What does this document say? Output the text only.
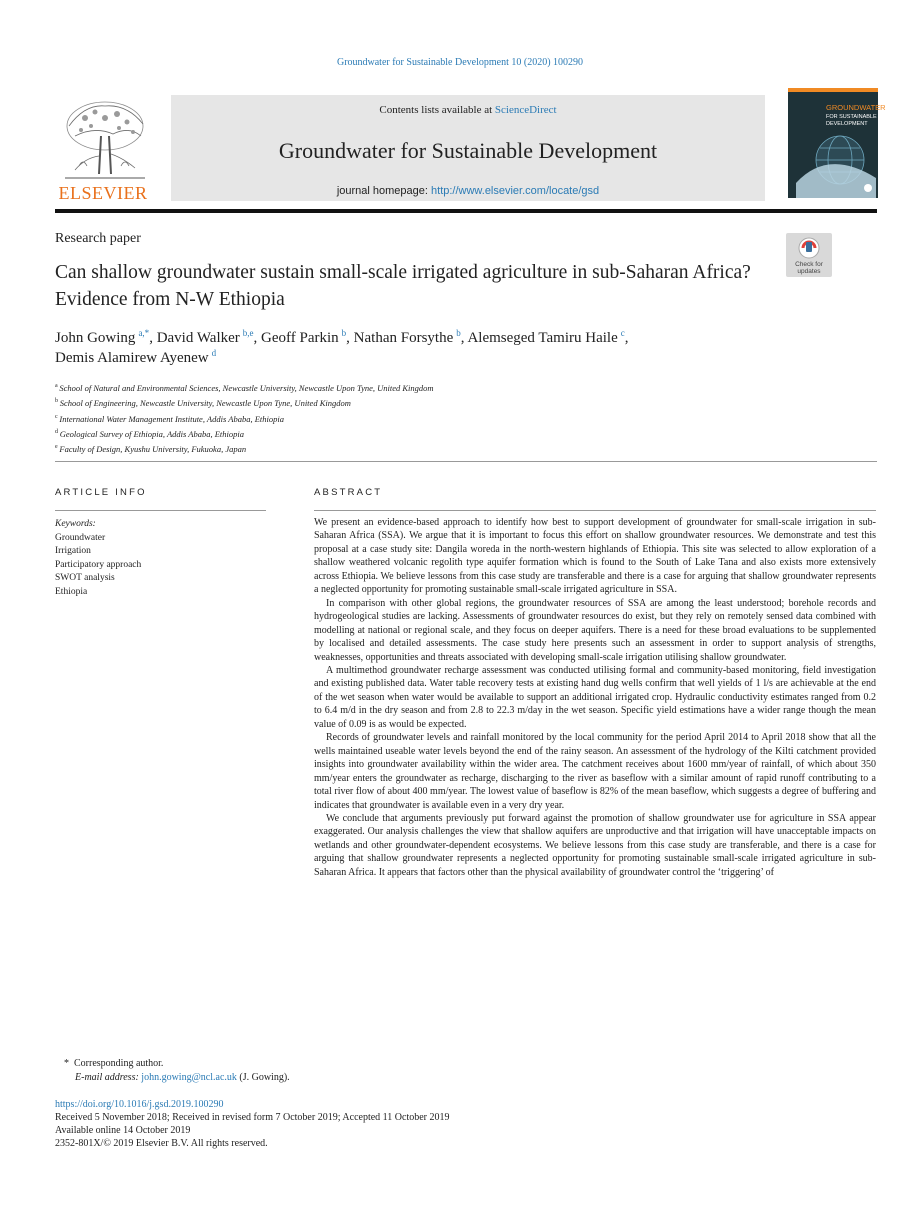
Groundwater for Sustainable Development 10 (2020) 100290
ELSEVIER
Contents lists available at ScienceDirect
Groundwater for Sustainable Development
journal homepage: http://www.elsevier.com/locate/gsd
GROUNDWATER
FOR SUSTAINABLE
DEVELOPMENT
Research paper
Check for
updates
Can shallow groundwater sustain small-scale irrigated agriculture in sub-Saharan Africa? Evidence from N-W Ethiopia
John Gowing  $^{a,*}$, David Walker  $^{b,e}$, Geoff Parkin  $^b$, Nathan Forsythe  $^b$, Alemseged Tamiru Haile  $^c$,
Demis Alamirew Ayenew  $^d$
$^a$  School of Natural and Environmental Sciences, Newcastle University, Newcastle Upon Tyne, United Kingdom
$^b$  School of Engineering, Newcastle University, Newcastle Upon Tyne, United Kingdom
$^c$  International Water Management Institute, Addis Ababa, Ethiopia
$^d$  Geological Survey of Ethiopia, Addis Ababa, Ethiopia
$^e$  Faculty of Design, Kyushu University, Fukuoka, Japan
ARTICLE INFO	ABSTRACT
Keywords:
Groundwater
Irrigation
Participatory approach
SWOT analysis
Ethiopia

We present an evidence-based approach to identify how best to support development of groundwater for small-scale irrigation in sub-Saharan Africa (SSA). We argue that it is important to focus this effort on shallow groundwater resources. We demonstrate and test this proposal at a case study site: Dangila woreda in the north-western highlands of Ethiopia. This site was selected to allow exploration of a shallow weathered volcanic regolith type aquifer formation which is found to the South of Lake Tana and also exists more extensively across Ethiopia. We believe lessons from this case study are transferable and there is a case for arguing that shallow groundwater represents a neglected opportunity for promoting sustainable small-scale irrigated agriculture in SSA.

In comparison with other global regions, the groundwater resources of SSA are among the least understood; borehole records and hydrogeological studies are lacking. Assessments of groundwater resources do exist, but they rely on remotely sensed data combined with modelling at national or regional scale, and they focus on deeper aquifers. There is a need for these broad evaluations to be supplemented by localised and detailed assessments. The case study here presents such an assessment in order to support analysis of strengths, weaknesses, opportunities and threats associated with developing small-scale irrigation utilising shallow groundwater.

A multimethod groundwater recharge assessment was conducted utilising formal and community-based monitoring, field investigation and existing published data. Water table recovery tests at existing hand dug wells confirm that well yields of 1 l/s are achievable at the end of the wet season when water would be available to support an additional irrigated crop. Hydraulic conductivity estimates ranged from 0.2 to 6.4 m/d in the dry season and from 2.8 to 22.3 m/day in the wet season. Specific yield estimations have a wider range though the mean value of 0.09 is as would be expected.

Records of groundwater levels and rainfall monitored by the local community for the period April 2014 to April 2018 show that all the wells maintained useable water levels beyond the end of the rainy season. An assessment of the hydrology of the Kilti catchment provided insights into groundwater availability within the wider area. The catchment receives about 1600 mm/year of rainfall, of which about 350 mm/year enters the groundwater as recharge, discharging to the river as baseflow with a similar amount of rapid runoff contributing to a total river flow of about 400 mm/year. The lowest value of baseflow is 82% of the mean baseflow, which suggests a degree of buffering and indicates that groundwater is available even in a very dry year.

We conclude that arguments previously put forward against the promotion of shallow groundwater use for agriculture in SSA appear exaggerated. Our analysis challenges the view that shallow aquifers are unproductive and that irrigation will have unacceptable impacts on wetlands and other groundwater-dependent ecosystems. We believe lessons from this case study are transferable, and there is a case for arguing that shallow groundwater represents a neglected opportunity for promoting sustainable small-scale irrigated agriculture in sub-Saharan Africa. It appears that factors other than the physical availability of groundwater control the ‘triggering’ of

*  Corresponding author.
E-mail address: john.gowing@ncl.ac.uk (J. Gowing).
https://doi.org/10.1016/j.gsd.2019.100290
Received 5 November 2018; Received in revised form 7 October 2019; Accepted 11 October 2019
Available online 14 October 2019
2352-801X/© 2019 Elsevier B.V. All rights reserved.
